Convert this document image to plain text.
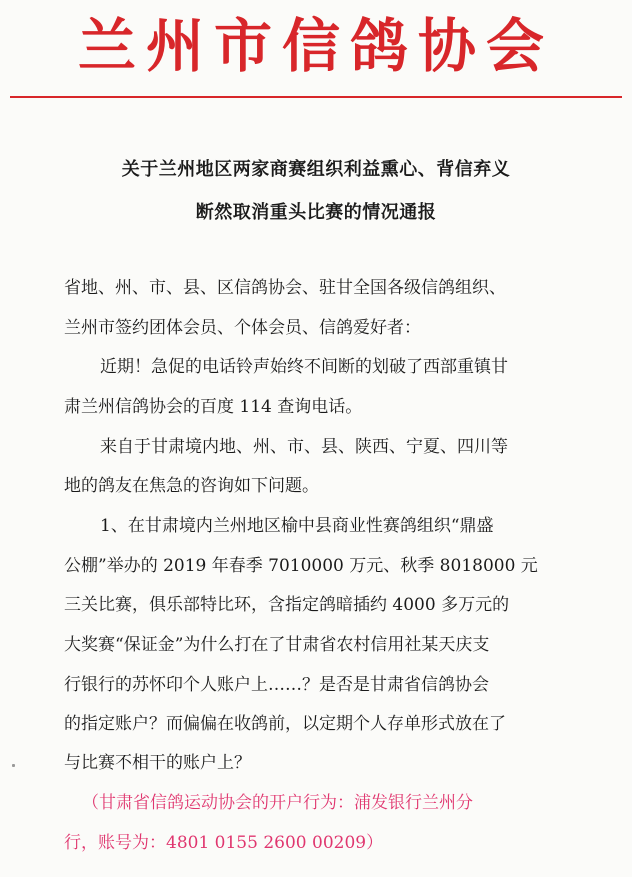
兰州市信鸽协会
关于兰州地区两家商赛组织利益熏心、背信弃义
断然取消重头比赛的情况通报
省地、州、市、县、区信鸽协会、驻甘全国各级信鸽组织、
兰州市签约团体会员、个体会员、信鸽爱好者：
近期！急促的电话铃声始终不间断的划破了西部重镇甘
肃兰州信鸽协会的百度 114 查询电话。
来自于甘肃境内地、州、市、县、陕西、宁夏、四川等
地的鸽友在焦急的咨询如下问题。
1、在甘肃境内兰州地区榆中县商业性赛鸽组织“鼎盛
公棚”举办的 2019 年春季 7010000 万元、秋季 8018000 元
三关比赛，俱乐部特比环，含指定鸽暗插约 4000 多万元的
大奖赛“保证金”为什么打在了甘肃省农村信用社某天庆支
行银行的苏怀印个人账户上……？是否是甘肃省信鸽协会
的指定账户？而偏偏在收鸽前，以定期个人存单形式放在了
与比赛不相干的账户上？
（甘肃省信鸽运动协会的开户行为：浦发银行兰州分
行，账号为：4801 0155 2600 00209）
